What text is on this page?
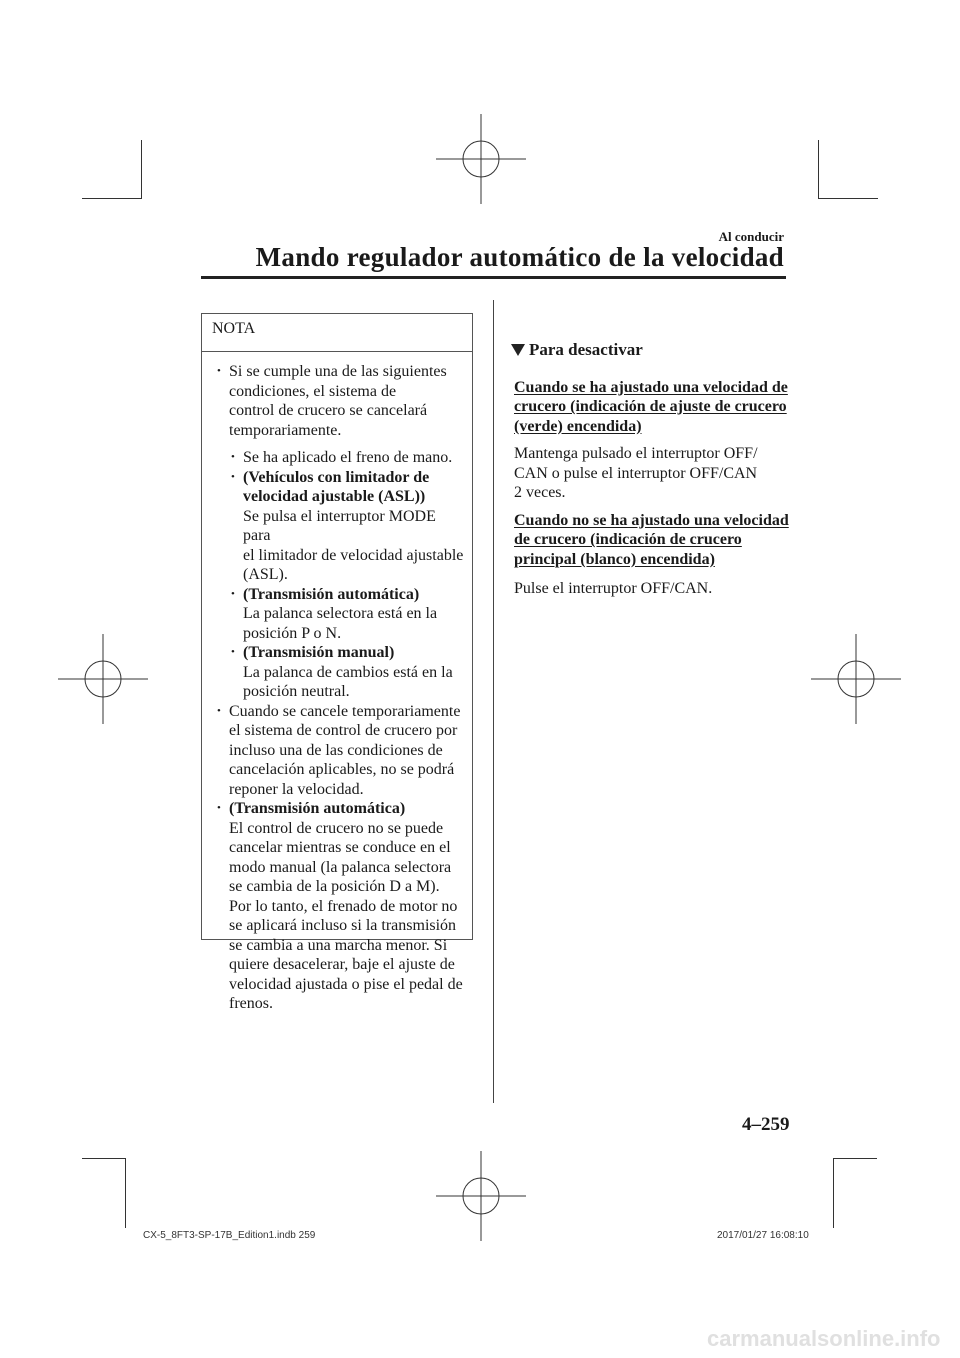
Al conducir
Mando regulador automático de la velocidad
NOTA
• Si se cumple una de las siguientes
condiciones, el sistema de
control de crucero se cancelará
temporariamente.
• Se ha aplicado el freno de mano.
• (Vehículos con limitador de
velocidad ajustable (ASL))
Se pulsa el interruptor MODE para
el limitador de velocidad ajustable
(ASL).
• (Transmisión automática)
La palanca selectora está en la
posición P o N.
• (Transmisión manual)
La palanca de cambios está en la
posición neutral.
• Cuando se cancele temporariamente
el sistema de control de crucero por
incluso una de las condiciones de
cancelación aplicables, no se podrá
reponer la velocidad.
• (Transmisión automática)
El control de crucero no se puede
cancelar mientras se conduce en el
modo manual (la palanca selectora
se cambia de la posición D a M).
Por lo tanto, el frenado de motor no
se aplicará incluso si la transmisión
se cambia a una marcha menor. Si
quiere desacelerar, baje el ajuste de
velocidad ajustada o pise el pedal de
frenos.
Para desactivar
Cuando se ha ajustado una velocidad de
crucero (indicación de ajuste de crucero
(verde) encendida)
Mantenga pulsado el interruptor OFF/
CAN o pulse el interruptor OFF/CAN
2 veces.
Cuando no se ha ajustado una velocidad
de crucero (indicación de crucero
principal (blanco) encendida)
Pulse el interruptor OFF/CAN.
4–259
CX-5_8FT3-SP-17B_Edition1.indb 259	2017/01/27 16:08:10
carmanualsonline.info
